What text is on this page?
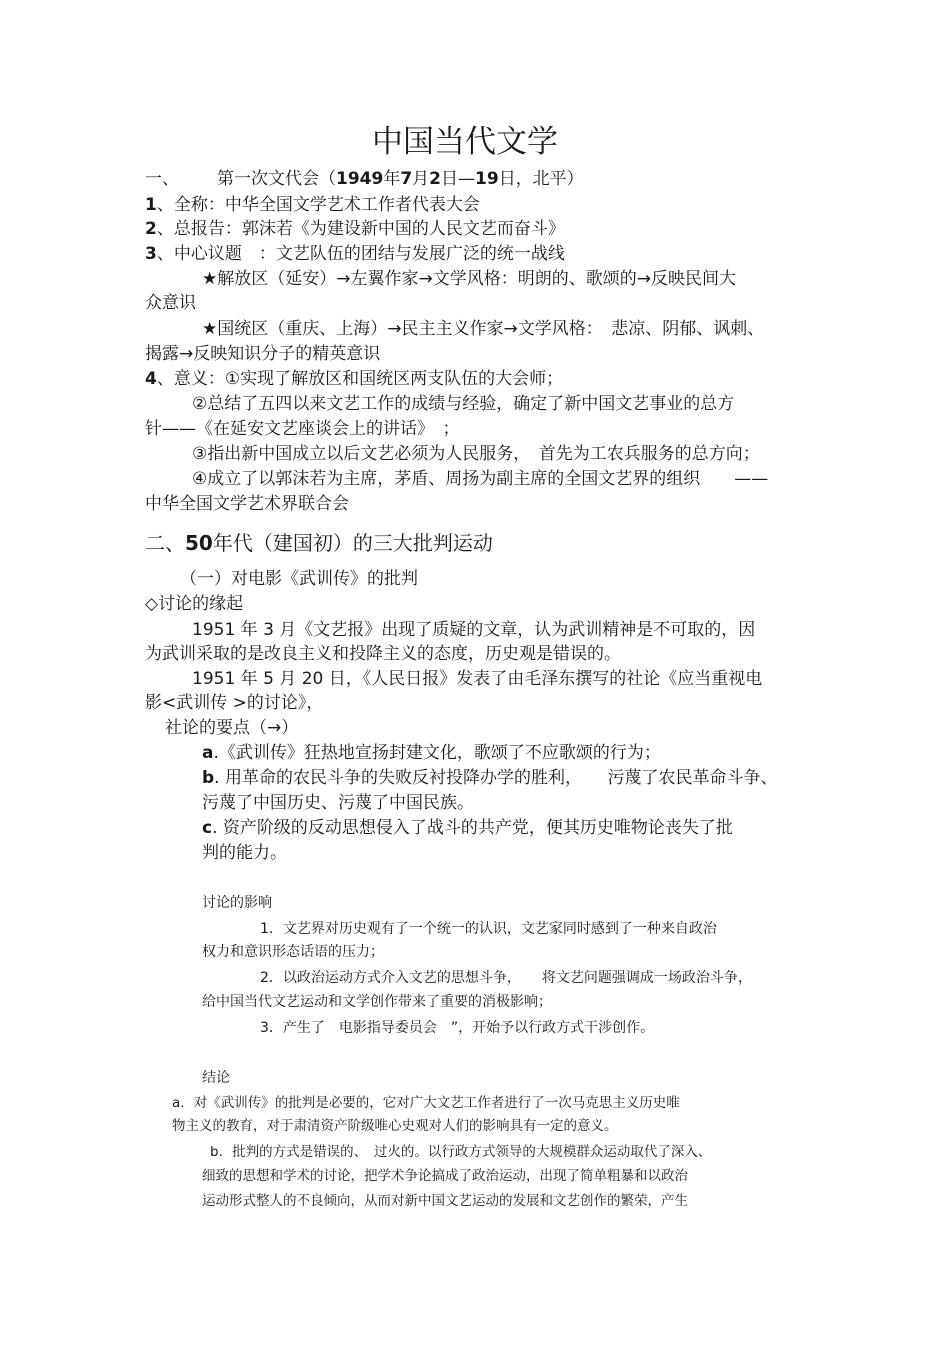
中国当代文学
一、 第一次文代会（1949年7月2日—19日，北平）
1、全称：中华全国文学艺术工作者代表大会
2、总报告：郭沫若《为建设新中国的人民文艺而奋斗》
3、中心议题　：文艺队伍的团结与发展广泛的统一战线
★解放区（延安）→左翼作家→文学风格：明朗的、歌颂的→反映民间大
众意识
★国统区（重庆、上海）→民主主义作家→文学风格：　悲凉、阴郁、讽刺、
揭露→反映知识分子的精英意识
4、意义：①实现了解放区和国统区两支队伍的大会师；
②总结了五四以来文艺工作的成绩与经验，确定了新中国文艺事业的总方
针——《在延安文艺座谈会上的讲话》　；
③指出新中国成立以后文艺必须为人民服务，　首先为工农兵服务的总方向；
④成立了以郭沫若为主席，茅盾、周扬为副主席的全国文艺界的组织　　——
中华全国文学艺术界联合会
二、50年代（建国初）的三大批判运动
（一）对电影《武训传》的批判
◇讨论的缘起
1951 年 3 月《文艺报》出现了质疑的文章，认为武训精神是不可取的，因
为武训采取的是改良主义和投降主义的态度，历史观是错误的。
1951 年 5 月 20 日，《人民日报》发表了由毛泽东撰写的社论《应当重视电
影<武训传 >的讨论》，
社论的要点（→）
a.《武训传》狂热地宣扬封建文化，歌颂了不应歌颂的行为；
b. 用革命的农民斗争的失败反衬投降办学的胜利，　　污蔑了农民革命斗争、
污蔑了中国历史、污蔑了中国民族。
c. 资产阶级的反动思想侵入了战斗的共产党，便其历史唯物论丧失了批
判的能力。
讨论的影响
1．文艺界对历史观有了一个统一的认识，文艺家同时感到了一种来自政治
权力和意识形态话语的压力；
2．以政治运动方式介入文艺的思想斗争，　　将文艺问题强调成一场政治斗争，
给中国当代文艺运动和文学创作带来了重要的消极影响；
3．产生了　电影指导委员会　”，开始予以行政方式干涉创作。
结论
a．对《武训传》的批判是必要的，它对广大文艺工作者进行了一次马克思主义历史唯
物主义的教育，对于肃清资产阶级唯心史观对人们的影响具有一定的意义。
b．批判的方式是错误的、　过火的。以行政方式领导的大规模群众运动取代了深入、
细致的思想和学术的讨论，把学术争论搞成了政治运动，出现了简单粗暴和以政治
运动形式整人的不良倾向，从而对新中国文艺运动的发展和文艺创作的繁荣，产生
